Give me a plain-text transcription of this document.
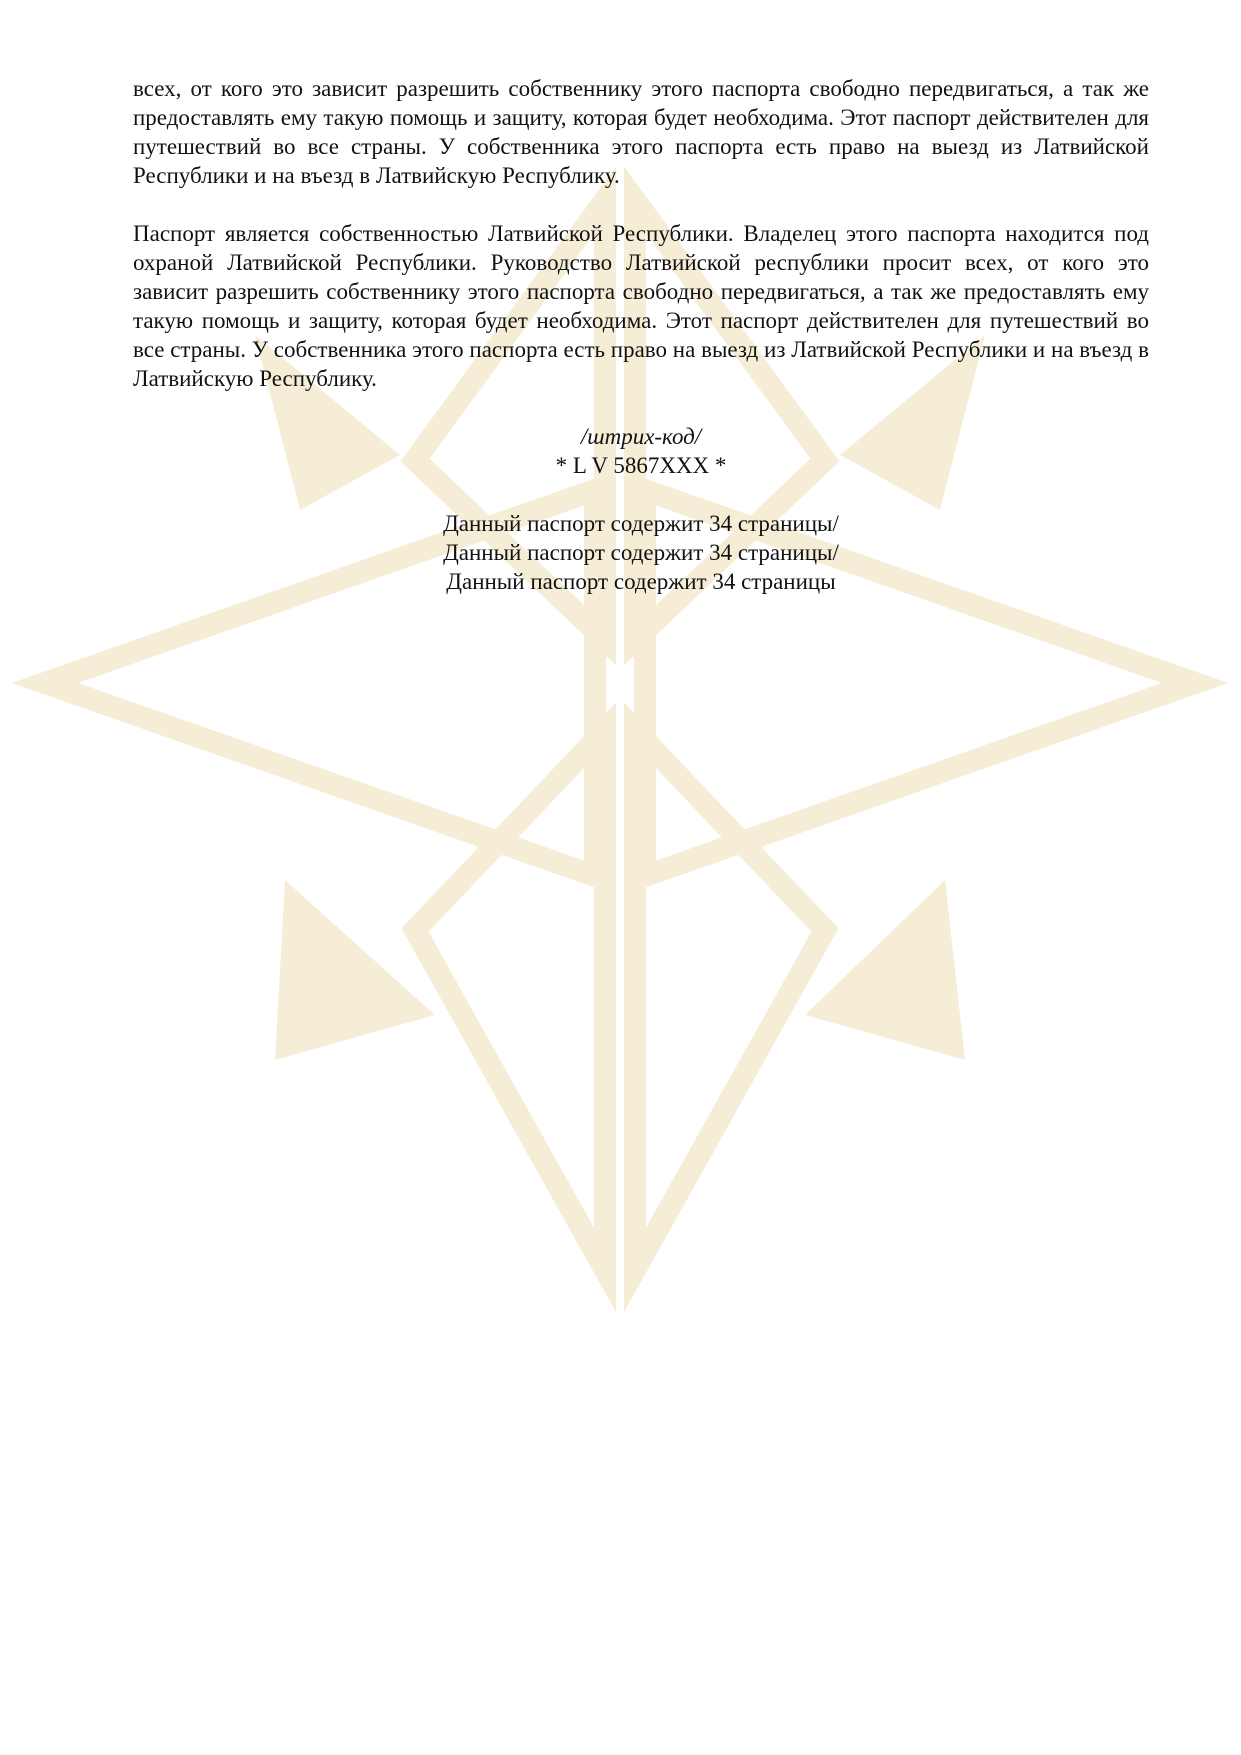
всех, от кого это зависит разрешить собственнику этого паспорта свободно передвигаться, а так же предоставлять ему такую помощь и защиту, которая будет необходима. Этот паспорт действителен для путешествий во все страны. У собственника этого паспорта есть право на выезд из Латвийской Республики и на въезд в Латвийскую Республику.

Паспорт является собственностью Латвийской Республики. Владелец этого паспорта находится под охраной Латвийской Республики. Руководство Латвийской республики просит всех, от кого это зависит разрешить собственнику этого паспорта свободно передвигаться, а так же предоставлять ему такую помощь и защиту, которая будет необходима. Этот паспорт действителен для путешествий во все страны. У собственника этого паспорта есть право на выезд из Латвийской Республики и на въезд в Латвийскую Республику.

/штрих-код/
* L V 5867XXX *
Данный паспорт содержит 34 страницы/
Данный паспорт содержит 34 страницы/
Данный паспорт содержит 34 страницы
